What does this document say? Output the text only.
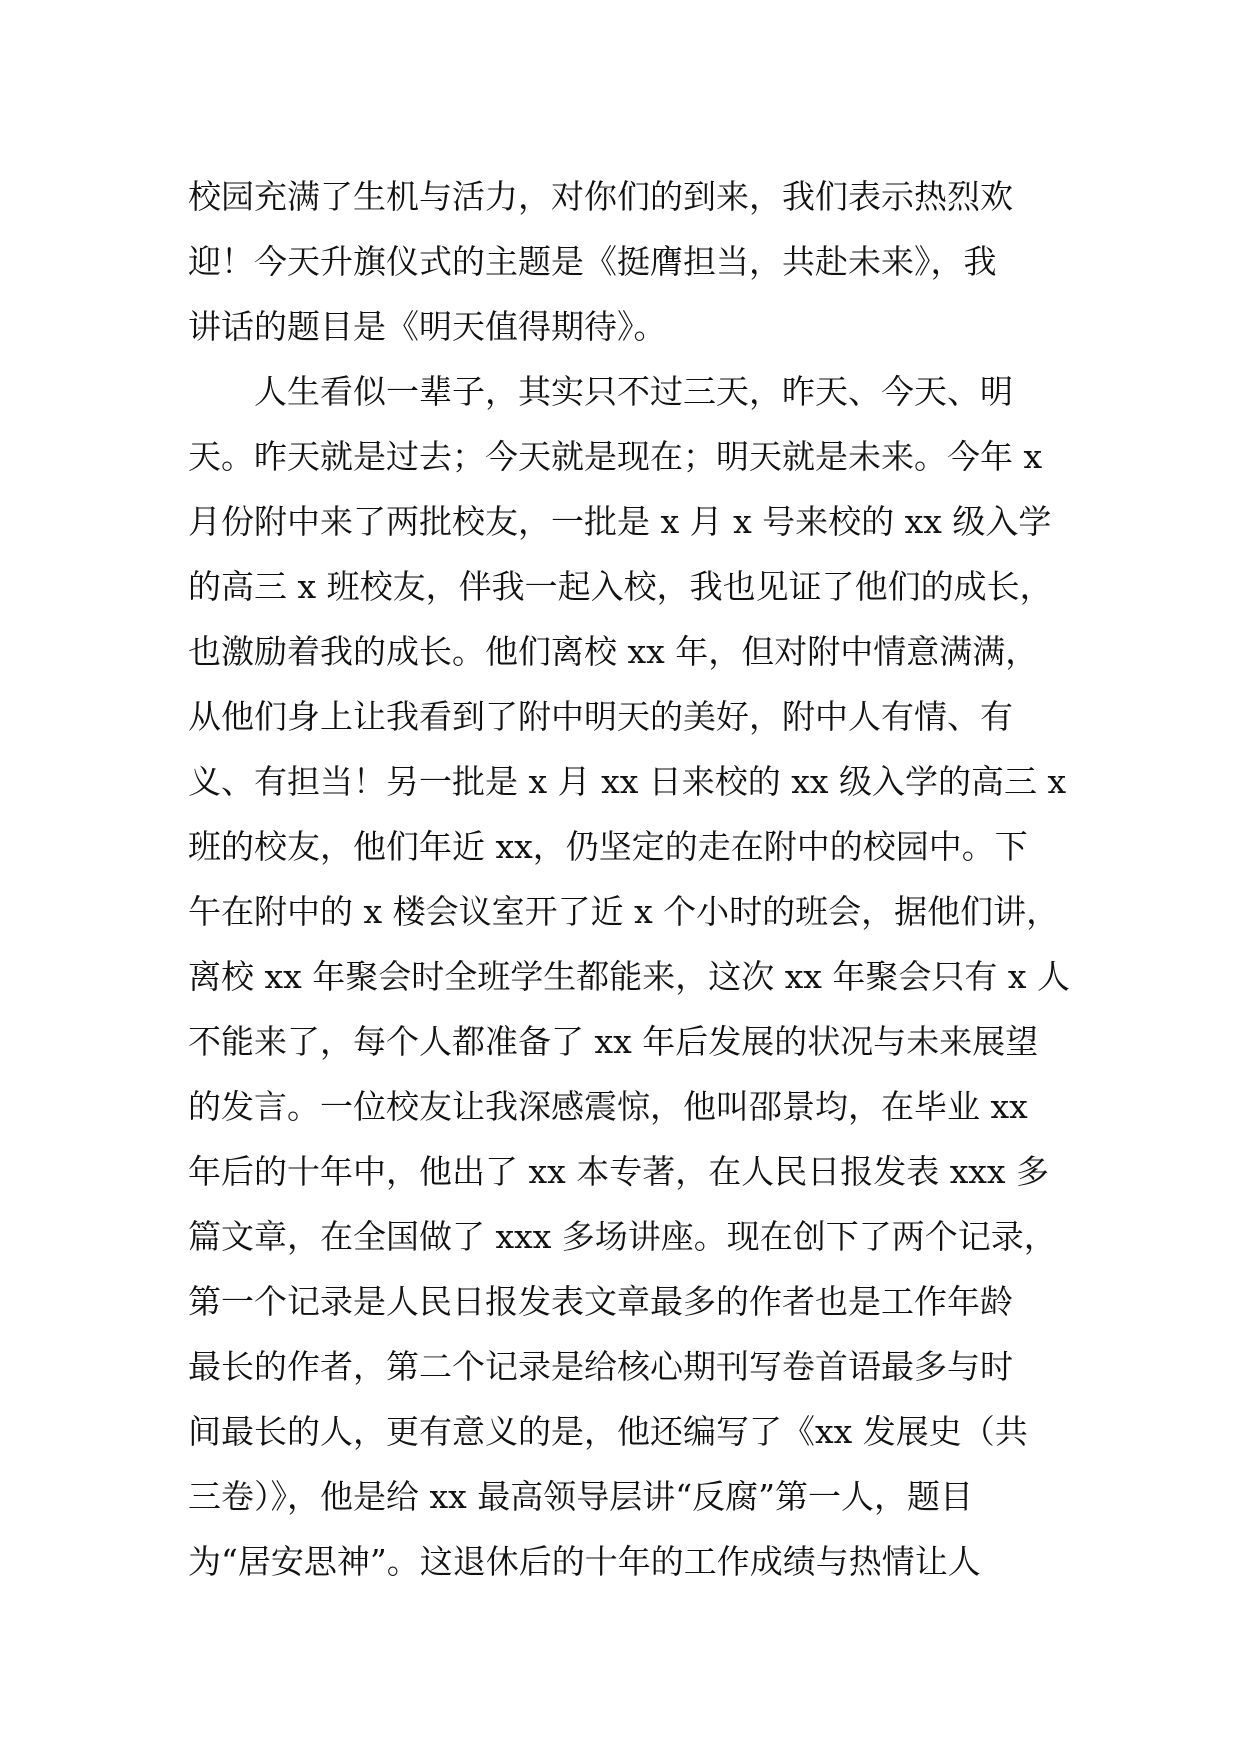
校园充满了生机与活力，对你们的到来，我们表示热烈欢
迎！今天升旗仪式的主题是《挺膺担当，共赴未来》，我
讲话的题目是《明天值得期待》。
　　人生看似一辈子，其实只不过三天，昨天、今天、明
天。昨天就是过去；今天就是现在；明天就是未来。今年 x
月份附中来了两批校友，一批是 x 月 x 号来校的 xx 级入学
的高三 x 班校友，伴我一起入校，我也见证了他们的成长，
也激励着我的成长。他们离校 xx 年，但对附中情意满满，
从他们身上让我看到了附中明天的美好，附中人有情、有
义、有担当！另一批是 x 月 xx 日来校的 xx 级入学的高三 x
班的校友，他们年近 xx，仍坚定的走在附中的校园中。下
午在附中的 x 楼会议室开了近 x 个小时的班会，据他们讲，
离校 xx 年聚会时全班学生都能来，这次 xx 年聚会只有 x 人
不能来了，每个人都准备了 xx 年后发展的状况与未来展望
的发言。一位校友让我深感震惊，他叫邵景均，在毕业 xx
年后的十年中，他出了 xx 本专著，在人民日报发表 xxx 多
篇文章，在全国做了 xxx 多场讲座。现在创下了两个记录，
第一个记录是人民日报发表文章最多的作者也是工作年龄
最长的作者，第二个记录是给核心期刊写卷首语最多与时
间最长的人，更有意义的是，他还编写了《xx 发展史（共
三卷）》，他是给 xx 最高领导层讲“反腐”第一人，题目
为“居安思神”。这退休后的十年的工作成绩与热情让人
